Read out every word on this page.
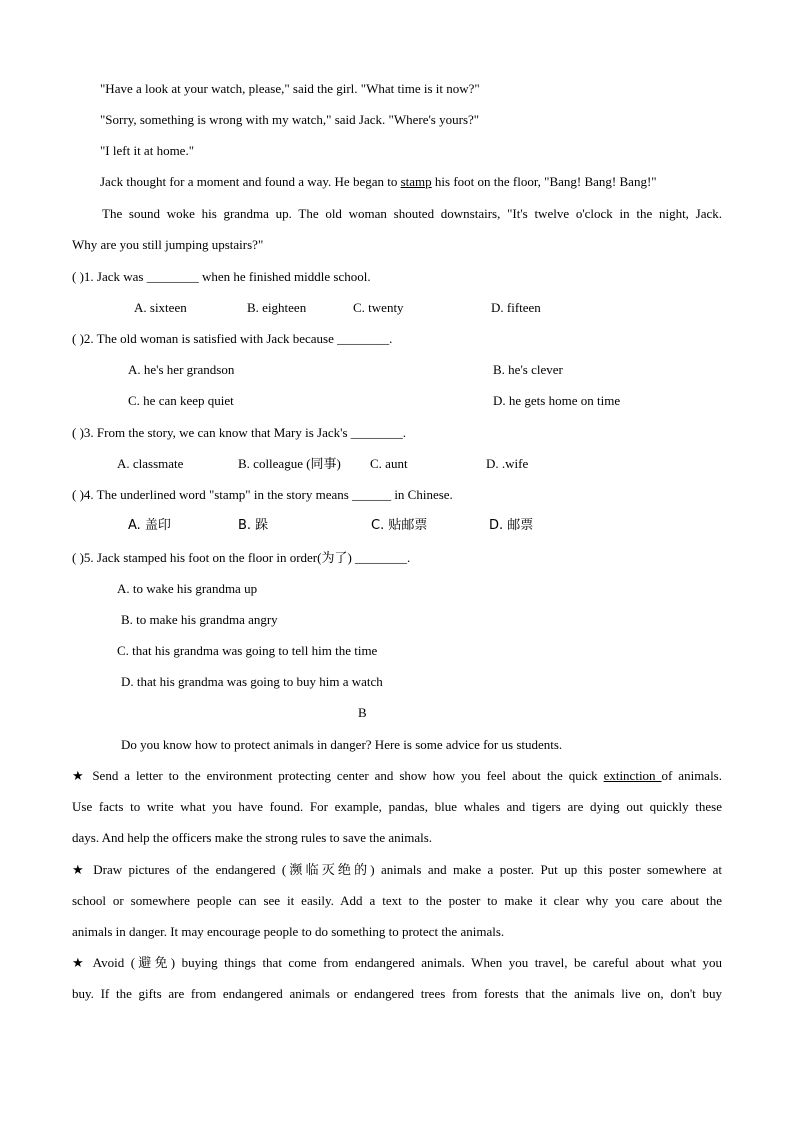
"Have a look at your watch, please," said the girl. "What time is it now?"
"Sorry, something is wrong with my watch," said Jack. "Where's yours?"
"I left it at home."
Jack thought for a moment and found a way. He began to stamp his foot on the floor, "Bang! Bang! Bang!"
The sound woke his grandma up. The old woman shouted downstairs, "It's twelve o'clock in the night, Jack.
Why are you still jumping upstairs?"
( )1. Jack was ________ when he finished middle school.
A. sixteen	B. eighteen	C. twenty	D. fifteen
( )2. The old woman is satisfied with Jack because ________.
A. he's her grandson	B. he's clever
C. he can keep quiet	D. he gets home on time
( )3. From the story, we can know that Mary is Jack's ________.
A. classmate	B. colleague (同事) C. aunt	D. .wife
( )4. The underlined word "stamp" in the story means ______ in Chinese.
A. 盖印	B. 跺	C. 贴邮票	D. 邮票
( )5. Jack stamped his foot on the floor in order(为了) ________.
A. to wake his grandma up
B. to make his grandma angry
C. that his grandma was going to tell him the time
D. that his grandma was going to buy him a watch
B
Do you know how to protect animals in danger? Here is some advice for us students.
★ Send a letter to the environment protecting center and show how you feel about the quick extinction of animals.
Use facts to write what you have found. For example, pandas, blue whales and tigers are dying out quickly these
days. And help the officers make the strong rules to save the animals.
★ Draw pictures of the endangered (濒临灭绝的) animals and make a poster. Put up this poster somewhere at
school or somewhere people can see it easily. Add a text to the poster to make it clear why you care about the
animals in danger. It may encourage people to do something to protect the animals.
★ Avoid (避免) buying things that come from endangered animals. When you travel, be careful about what you
buy. If the gifts are from endangered animals or endangered trees from forests that the animals live on, don't buy
